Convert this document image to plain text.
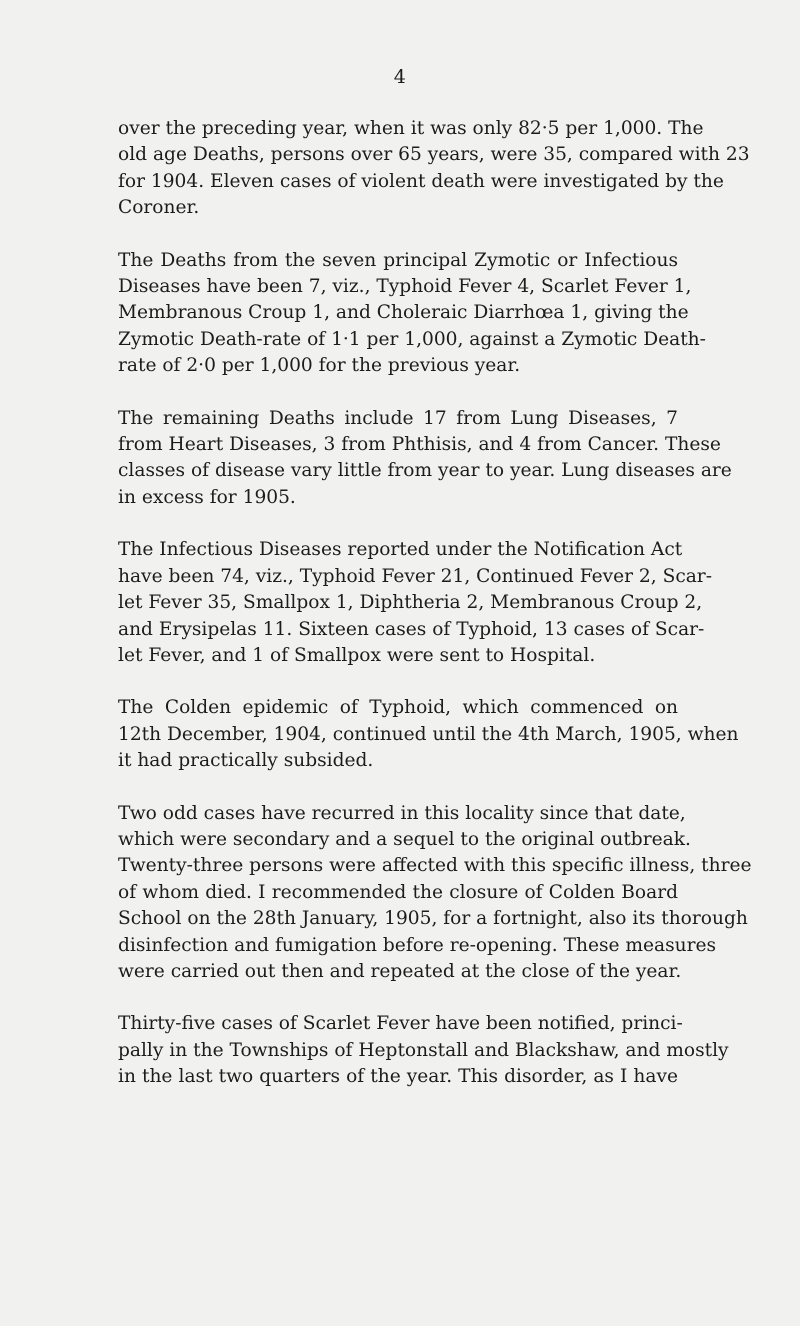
4

over the preceding year, when it was only 82·5 per 1,000. The
old age Deaths, persons over 65 years, were 35, compared with 23
for 1904. Eleven cases of violent death were investigated by the
Coroner.

The Deaths from the seven principal Zymotic or Infectious
Diseases have been 7, viz., Typhoid Fever 4, Scarlet Fever 1,
Membranous Croup 1, and Choleraic Diarrhœa 1, giving the
Zymotic Death-rate of 1·1 per 1,000, against a Zymotic Death-
rate of 2·0 per 1,000 for the previous year.

The remaining Deaths include 17 from Lung Diseases, 7
from Heart Diseases, 3 from Phthisis, and 4 from Cancer. These
classes of disease vary little from year to year. Lung diseases are
in excess for 1905.

The Infectious Diseases reported under the Notification Act
have been 74, viz., Typhoid Fever 21, Continued Fever 2, Scar-
let Fever 35, Smallpox 1, Diphtheria 2, Membranous Croup 2,
and Erysipelas 11. Sixteen cases of Typhoid, 13 cases of Scar-
let Fever, and 1 of Smallpox were sent to Hospital.

The Colden epidemic of Typhoid, which commenced on
12th December, 1904, continued until the 4th March, 1905, when
it had practically subsided.

Two odd cases have recurred in this locality since that date,
which were secondary and a sequel to the original outbreak.
Twenty-three persons were affected with this specific illness, three
of whom died. I recommended the closure of Colden Board
School on the 28th January, 1905, for a fortnight, also its thorough
disinfection and fumigation before re-opening. These measures
were carried out then and repeated at the close of the year.

Thirty-five cases of Scarlet Fever have been notified, princi-
pally in the Townships of Heptonstall and Blackshaw, and mostly
in the last two quarters of the year. This disorder, as I have
